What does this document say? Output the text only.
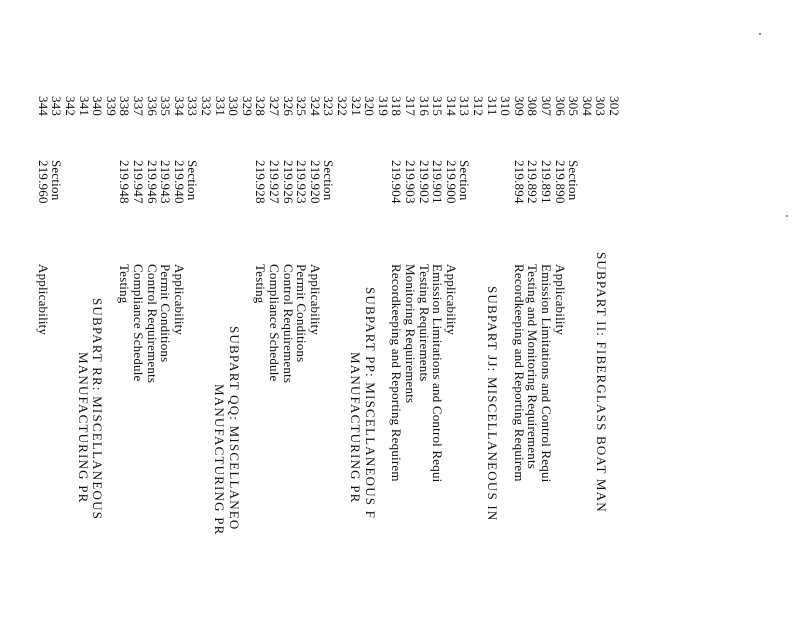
302
303
304
305
306
307
308
309
310
311
312
313
314
315
316
317
318
319
320
321
322
323
324
325
326
327
328
329
330
331
332
333
334
335
336
337
338
339
340
341
342
343
344
Section
219.890
219.891
219.892
219.894
Section
219.900
219.901
219.902
219.903
219.904
Section
219.920
219.923
219.926
219.927
219.928
Section
219.940
219.943
219.946
219.947
219.948
Section
219.960
SUBPART II: FIBERGLASS BOAT MAN
SUBPART JJ: MISCELLANEOUS IN
SUBPART PP: MISCELLANEOUS F
MANUFACTURING PR
SUBPART QQ: MISCELLANEO
MANUFACTURING PR
SUBPART RR: MISCELLANEOUS
MANUFACTURING PR
Applicability
Emission Limitations and Control Requi
Testing and Monitoring Requirements
Recordkeeping and Reporting Requirem
Applicability
Emission Limitations and Control Requi
Testing Requirements
Monitoring Requirements
Recordkeeping and Reporting Requirem
Applicability
Permit Conditions
Control Requirements
Compliance Schedule
Testing
Applicability
Permit Conditions
Control Requirements
Compliance Schedule
Testing
Applicability
